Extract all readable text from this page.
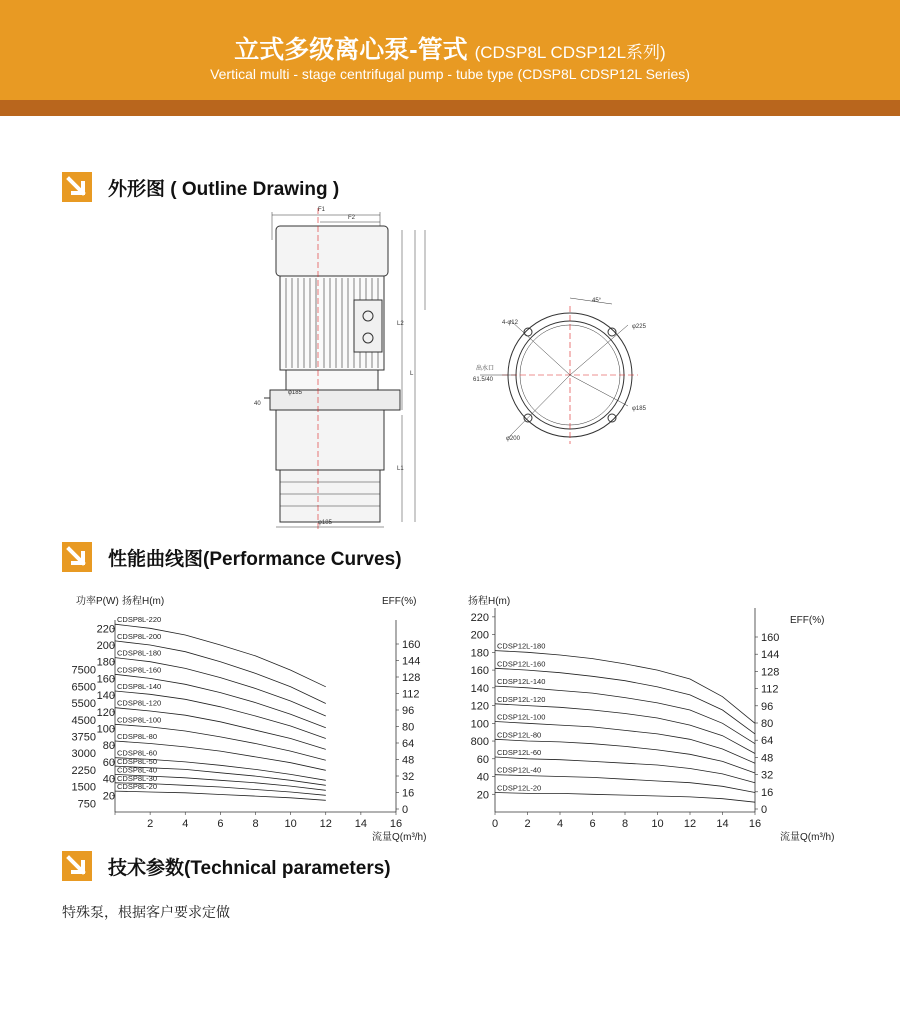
立式多级离心泵-管式 (CDSP8L CDSP12L系列)
Vertical multi - stage centrifugal pump - tube type (CDSP8L CDSP12L Series)
外形图 ( Outline Drawing )
F1
F2
L
L1
L2
φ185
φ185
40
45°
4-φ12
φ225
φ185
φ200
出水口
61.5/40
性能曲线图(Performance Curves)
2	4	6	8 10 12 14 16
20
40
60
80
100
120
140
160
180
200
220
750
1500
2250
3000
3750
4500
5500
6500
7500
0
16
32
48
64
80
96
112
128
144
160
扬程H(m)
功率P(W)	EFF(%)
流量Q(m³/h)
CDSP8L-220
CDSP8L-200
CDSP8L-180
CDSP8L-160
CDSP8L-140
CDSP8L-120
CDSP8L-100
CDSP8L-80
CDSP8L-60
CDSP8L-50
CDSP8L-40
CDSP8L-30
CDSP8L-20
0 2 4 6 8 10 12 14 16
20
40
60
800
100
120
140
160
180
200
220
0
16
32
48
64
80
96
112
128
144
160
扬程H(m)
EFF(%)
流量Q(m³/h)
CDSP12L-180
CDSP12L-160
CDSP12L-140
CDSP12L-120
CDSP12L-100
CDSP12L-80
CDSP12L-60
CDSP12L-40
CDSP12L-20
技术参数(Technical parameters)
特殊泵，根据客户要求定做
